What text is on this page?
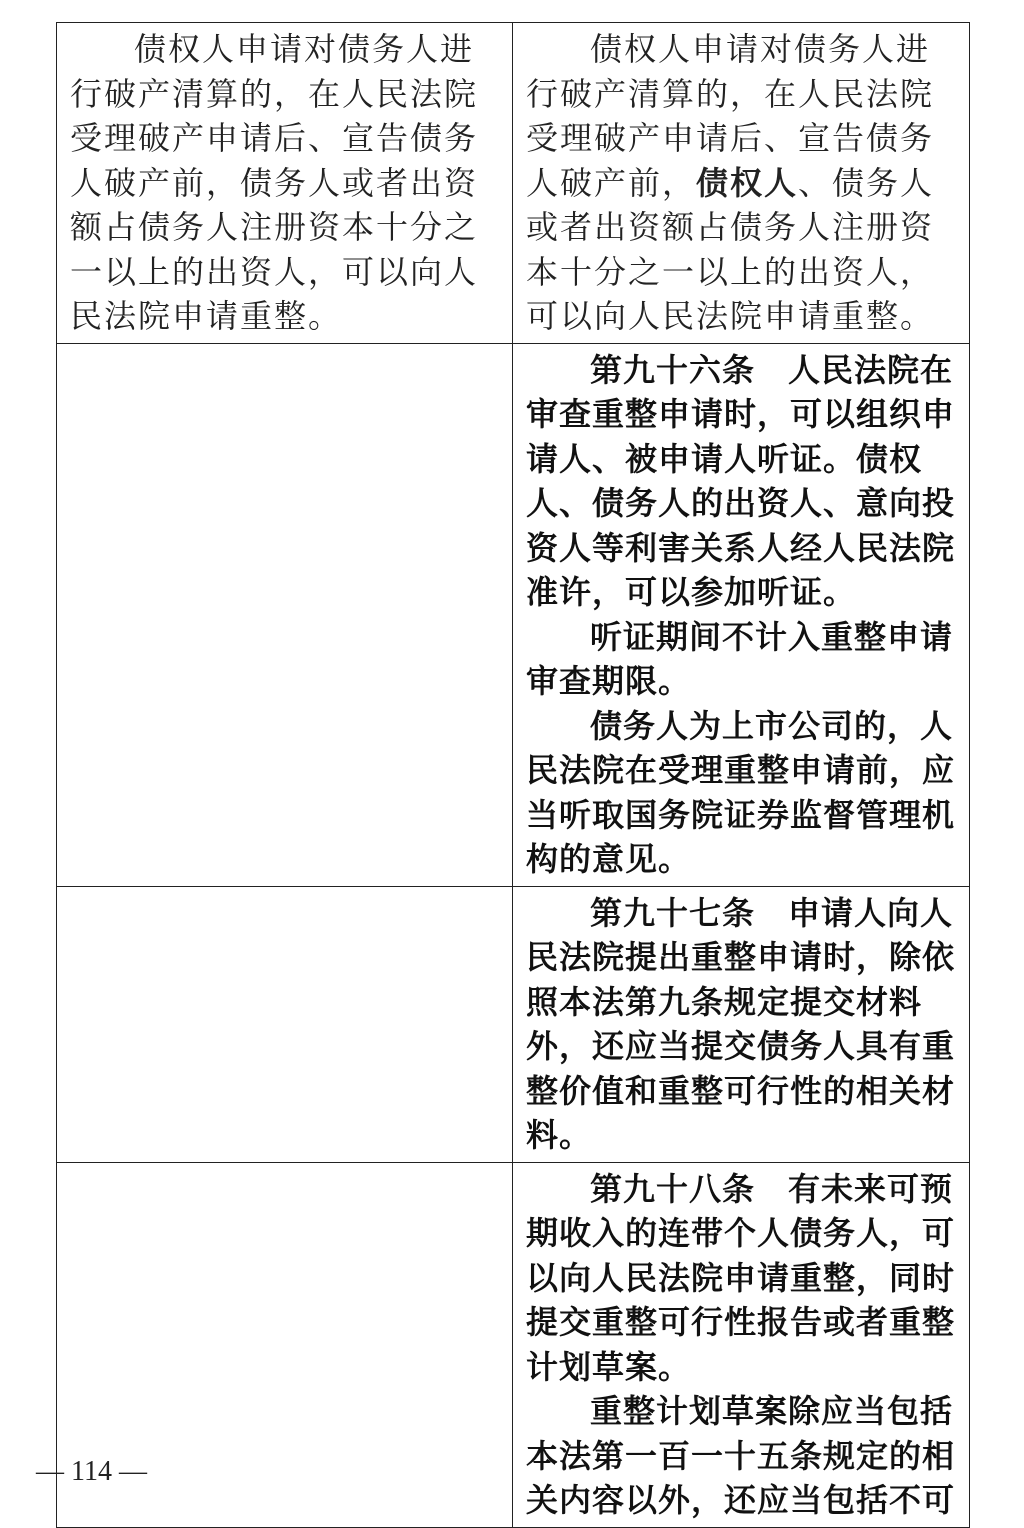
债权人申请对债务人进行破产清算的，在人民法院受理破产申请后、宣告债务人破产前，债务人或者出资额占债务人注册资本十分之一以上的出资人，可以向人民法院申请重整。	债权人申请对债务人进行破产清算的，在人民法院受理破产申请后、宣告债务人破产前，债权人、债务人或者出资额占债务人注册资本十分之一以上的出资人，可以向人民法院申请重整。

	第九十六条　人民法院在审查重整申请时，可以组织申请人、被申请人听证。债权人、债务人的出资人、意向投资人等利害关系人经人民法院准许，可以参加听证。

听证期间不计入重整申请审查期限。

债务人为上市公司的，人民法院在受理重整申请前，应当听取国务院证券监督管理机构的意见。

	第九十七条　申请人向人民法院提出重整申请时，除依照本法第九条规定提交材料外，还应当提交债务人具有重整价值和重整可行性的相关材料。

	第九十八条　有未来可预期收入的连带个人债务人，可以向人民法院申请重整，同时提交重整可行性报告或者重整计划草案。

重整计划草案除应当包括本法第一百一十五条规定的相关内容以外，还应当包括不可

— 114 —
